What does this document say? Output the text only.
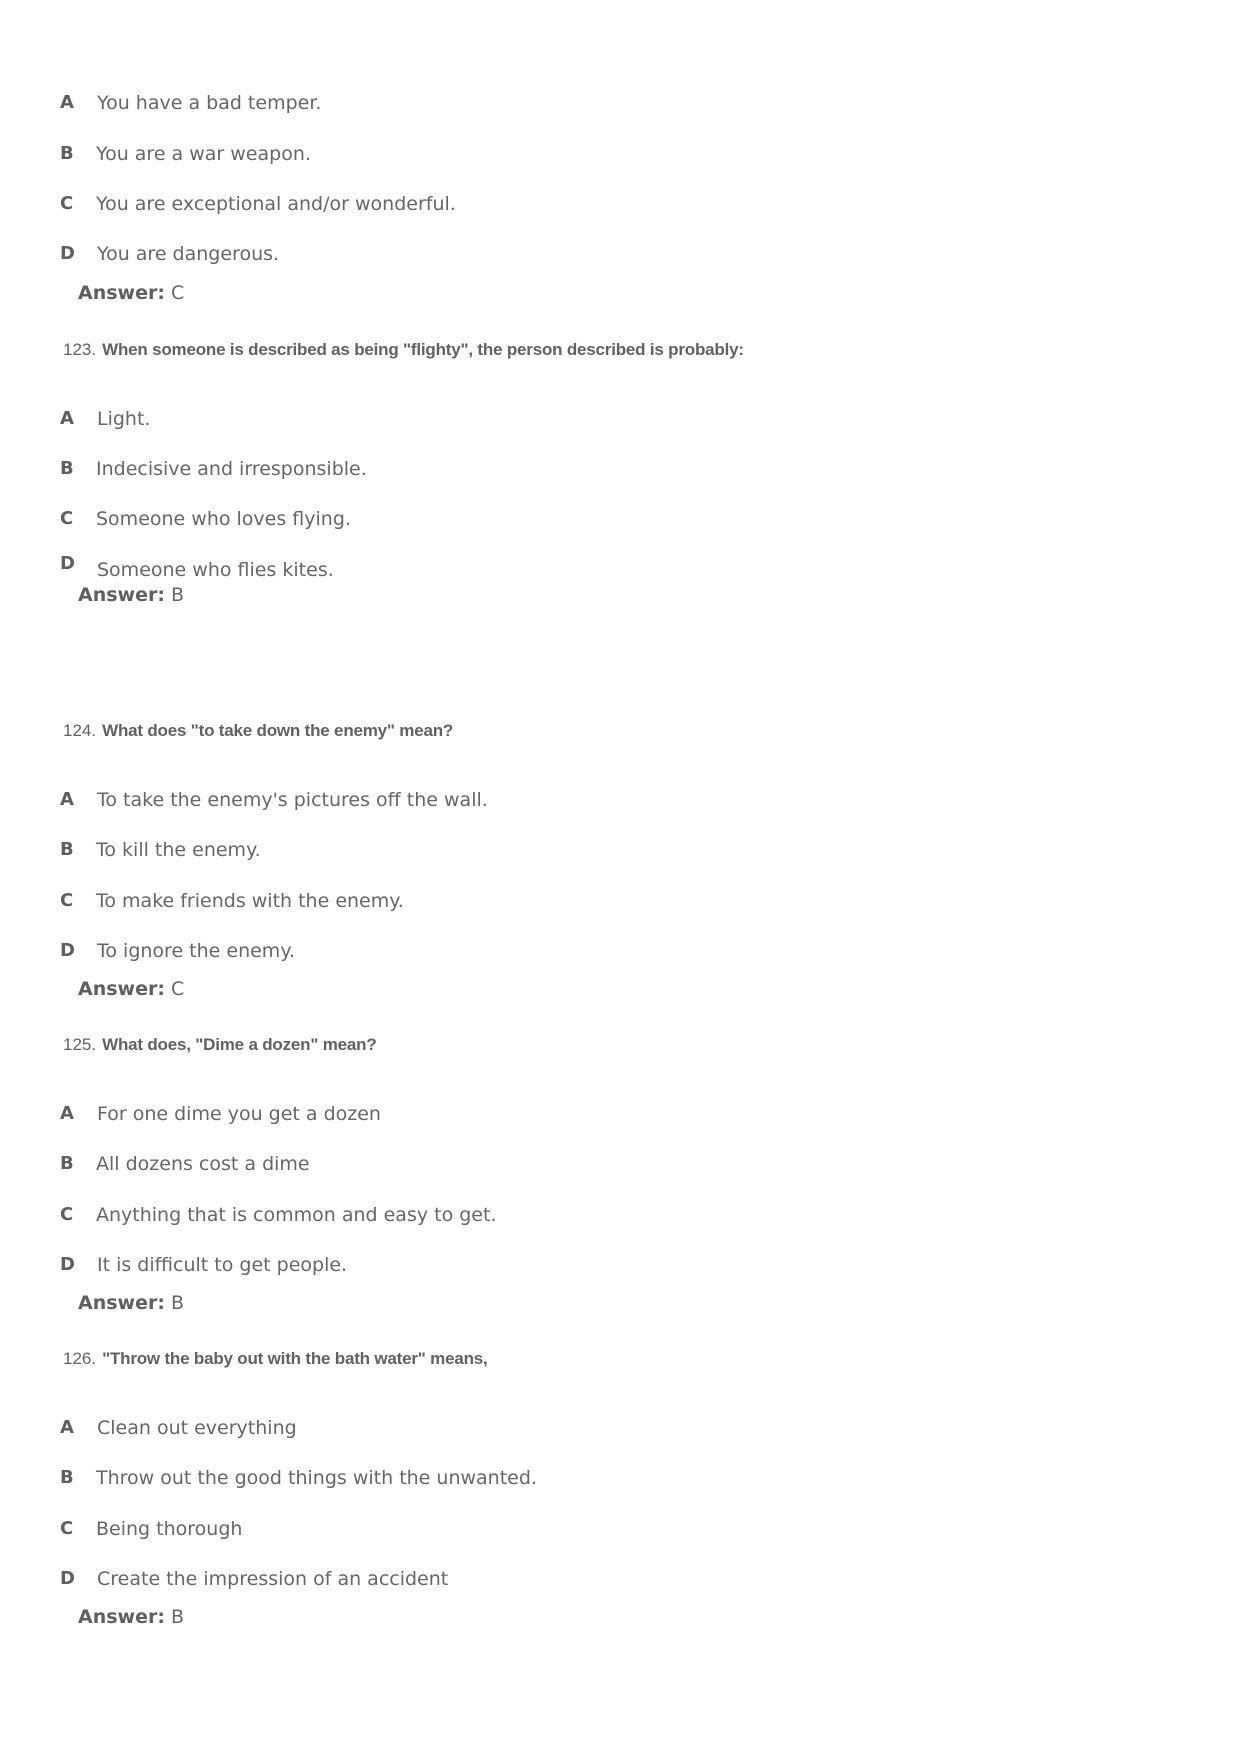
A You have a bad temper.
B You are a war weapon.
C You are exceptional and/or wonderful.
D You are dangerous.
Answer: C
123. When someone is described as being "flighty", the person described is probably:
A Light.
B Indecisive and irresponsible.
C Someone who loves flying.
D Someone who flies kites.
Answer: B
124. What does "to take down the enemy" mean?
A To take the enemy's pictures off the wall.
B To kill the enemy.
C To make friends with the enemy.
D To ignore the enemy.
Answer: C
125. What does, "Dime a dozen" mean?
A For one dime you get a dozen
B All dozens cost a dime
C Anything that is common and easy to get.
D It is difficult to get people.
Answer: B
126. "Throw the baby out with the bath water" means,
A Clean out everything
B Throw out the good things with the unwanted.
C Being thorough
D Create the impression of an accident
Answer: B
